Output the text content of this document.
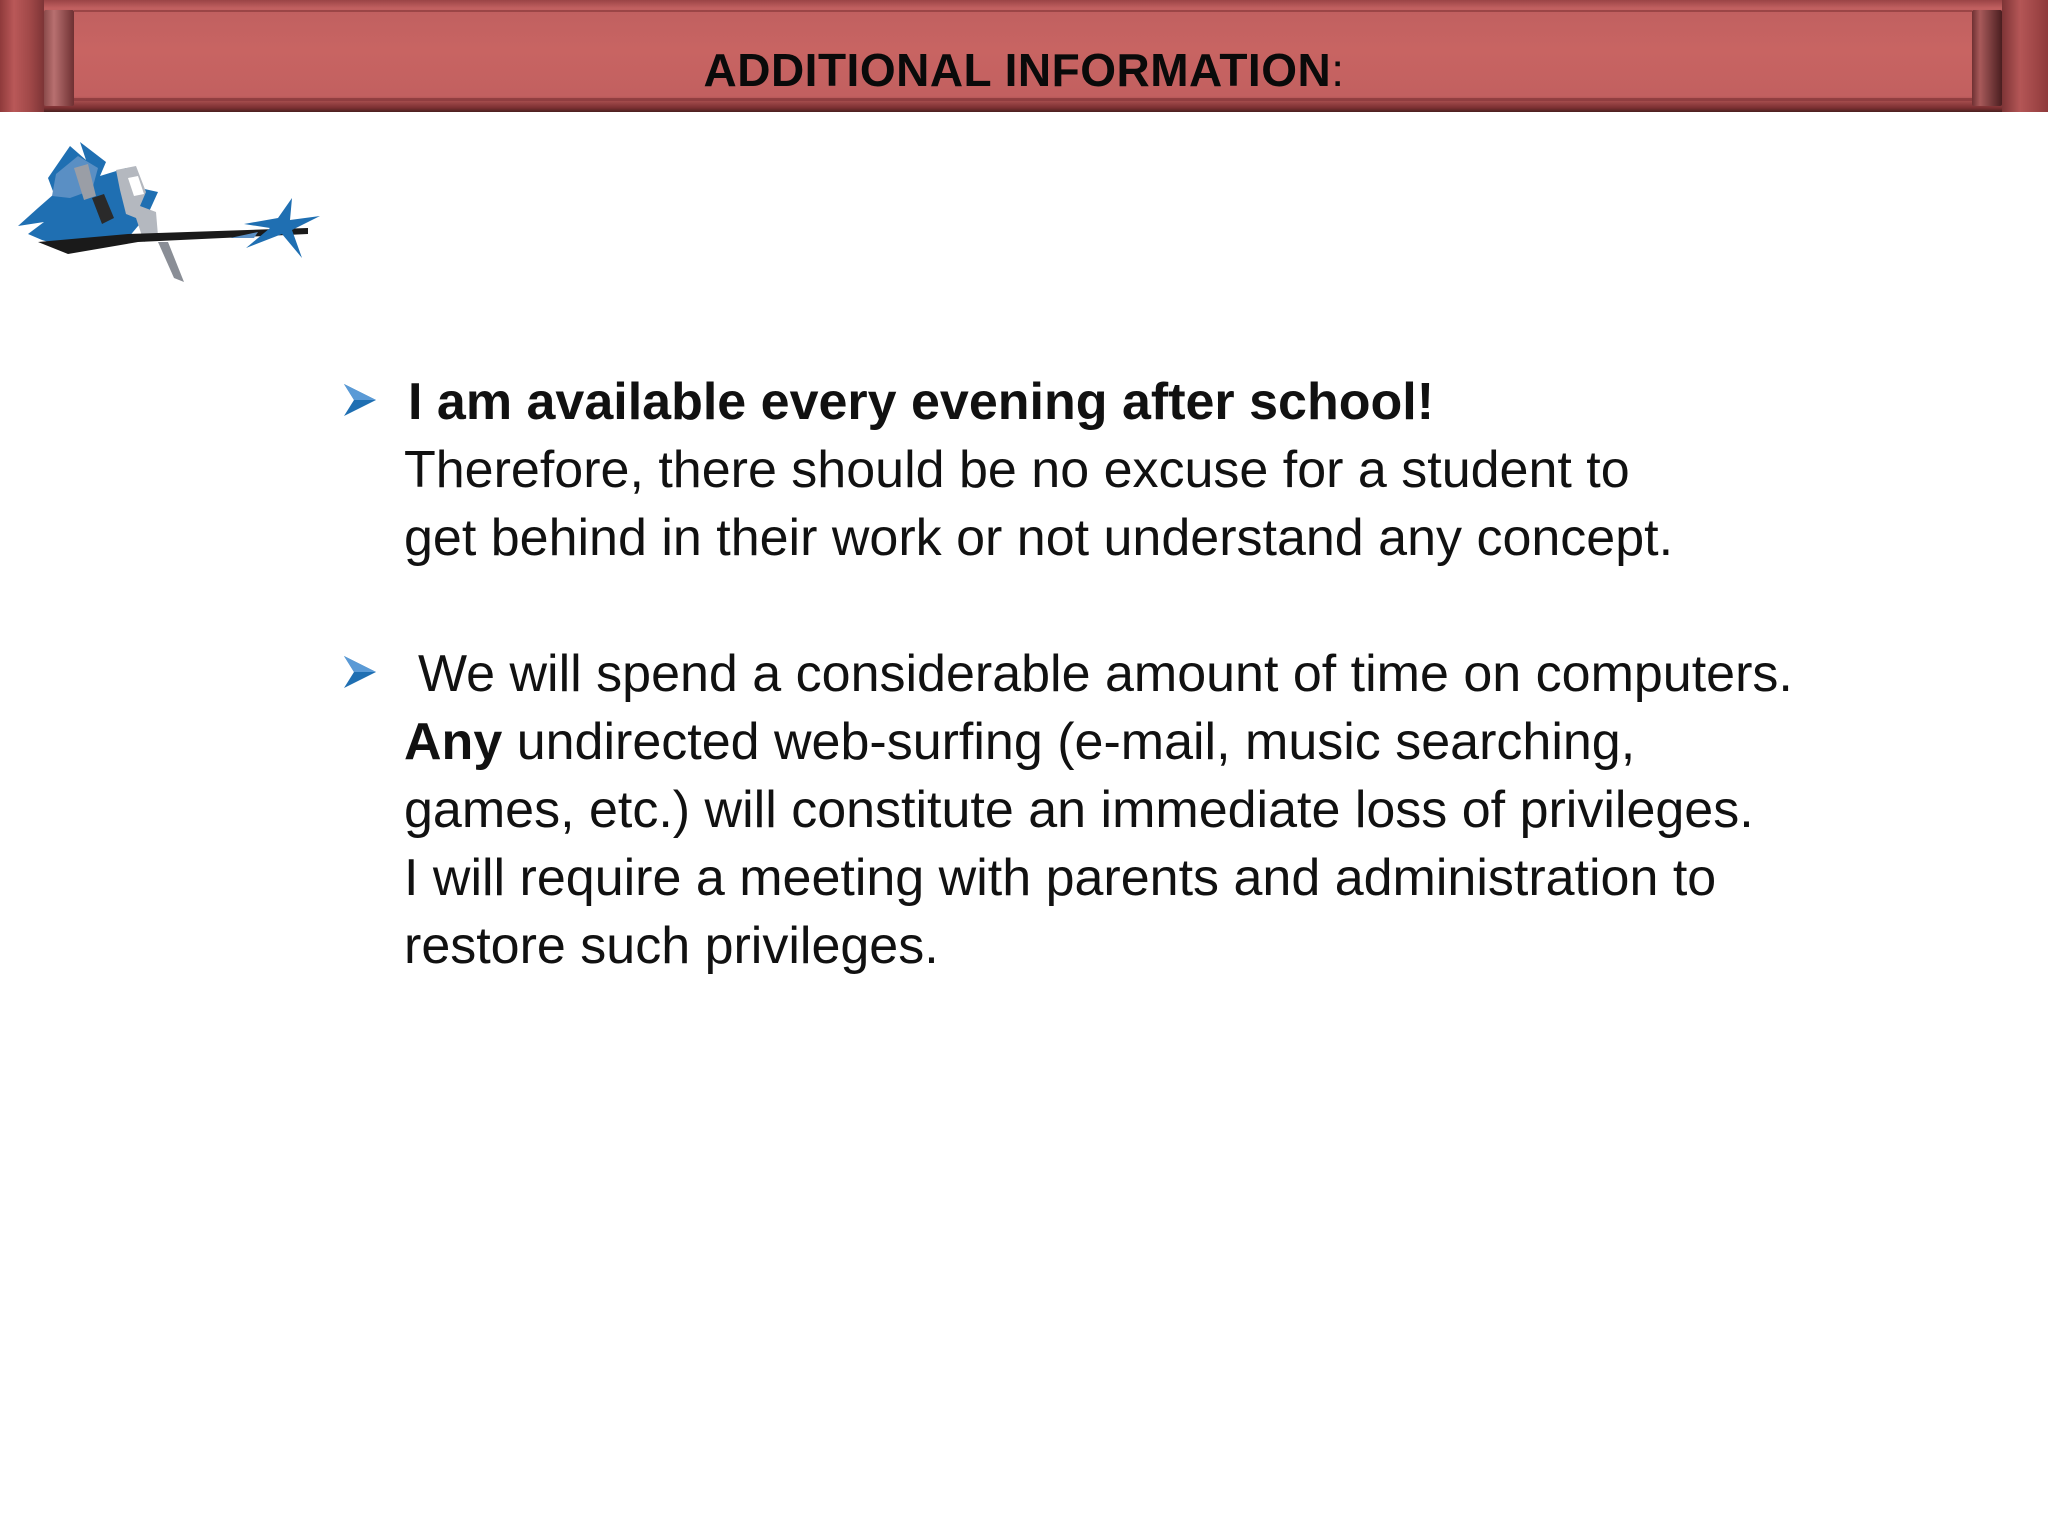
ADDITIONAL INFORMATION:
I am available every evening after school!
Therefore, there should be no excuse for a student to
get behind in their work or not understand any concept.
We will spend a considerable amount of time on computers.
Any undirected web-surfing (e-mail, music searching,
games, etc.) will constitute an immediate loss of privileges.
I will require a meeting with parents and administration to
restore such privileges.
